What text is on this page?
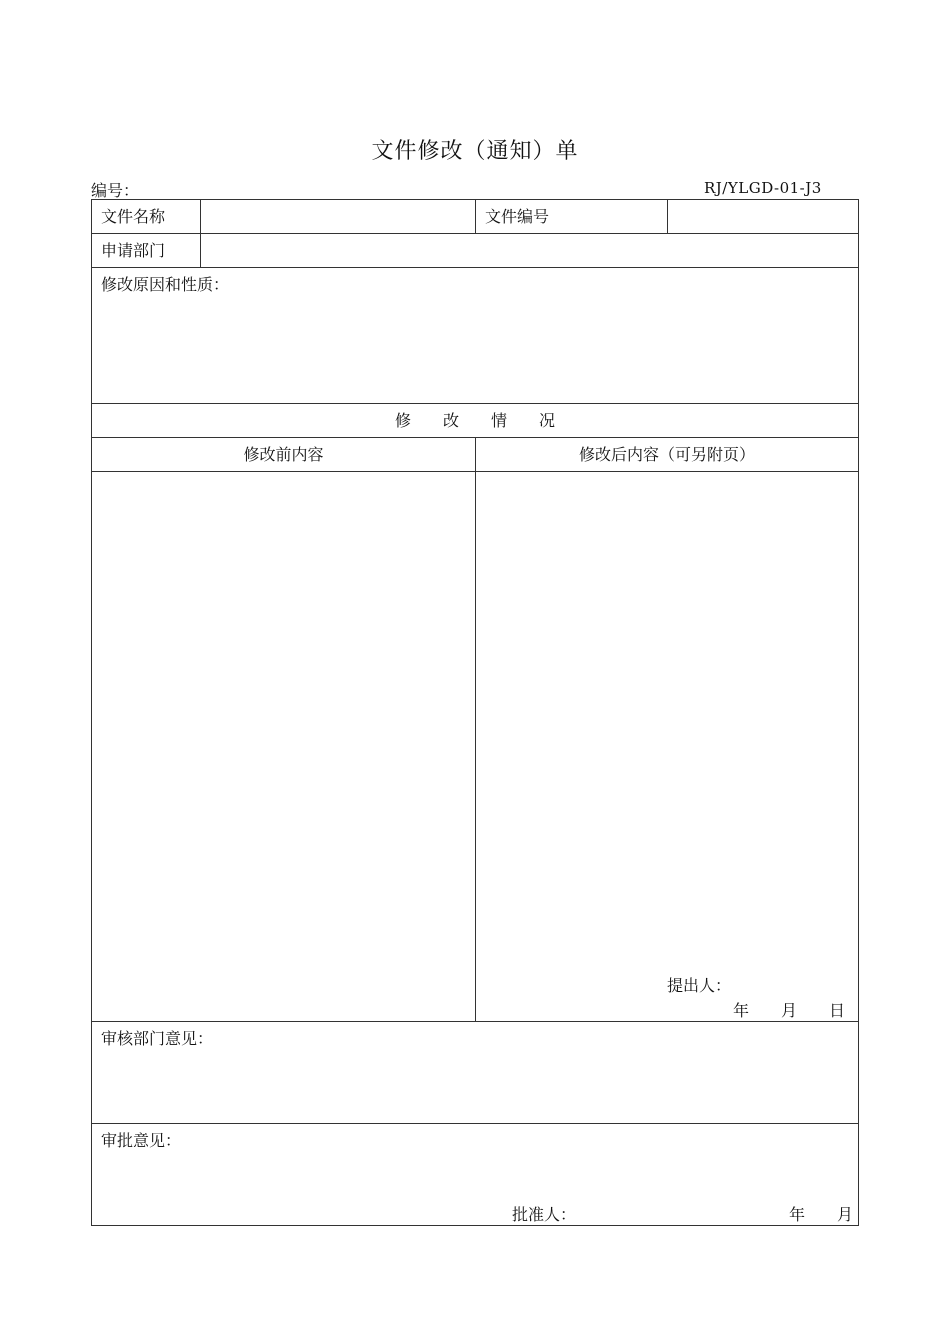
文件修改（通知）单
编号：	RJ/YLGD-01-J3
文件名称	文件编号
申请部门
修改原因和性质：
修　　改　　情　　况
修改前内容	修改后内容（可另附页）
提出人：
年　　月　　日
审核部门意见：
审批意见：
批准人：	年　　月
